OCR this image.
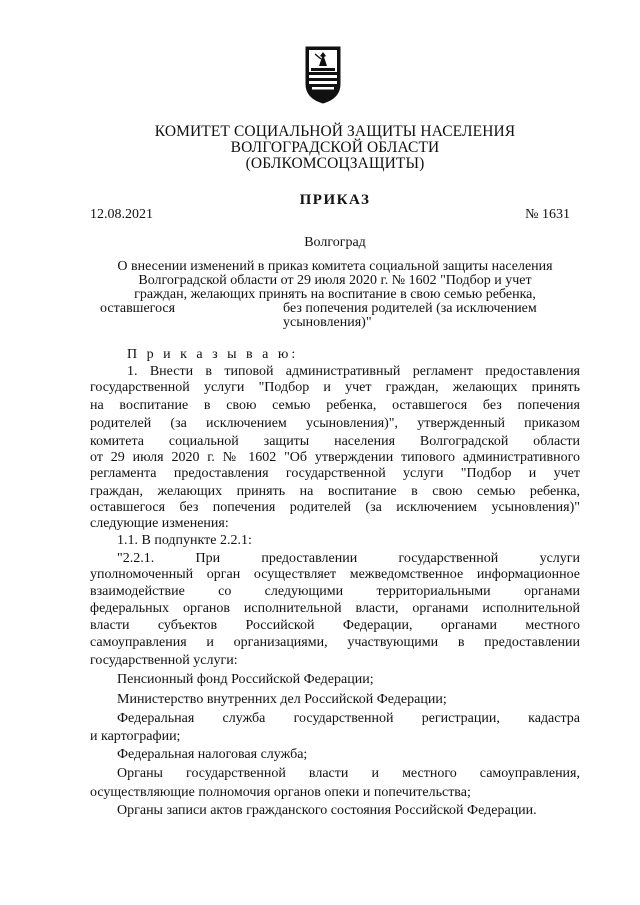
КОМИТЕТ СОЦИАЛЬНОЙ ЗАЩИТЫ НАСЕЛЕНИЯ
ВОЛГОГРАДСКОЙ ОБЛАСТИ
(ОБЛКОМСОЦЗАЩИТЫ)
ПРИКАЗ
12.08.2021	№ 1631
Волгоград
О внесении изменений в приказ комитета социальной защиты населения
Волгоградской области от 29 июля 2020 г. № 1602 "Подбор и учет
граждан, желающих принять на воспитание в свою семью ребенка,
оставшегося	без попечения родителей (за исключением
усыновления)"
П р и к а з ы в а ю:
1. Внести в типовой административный регламент предоставления
государственной услуги "Подбор и учет граждан, желающих принять
на воспитание в свою семью ребенка, оставшегося без попечения
родителей (за исключением усыновления)", утвержденный приказом
комитета социальной защиты населения Волгоградской области
от 29 июля 2020 г. № 1602 "Об утверждении типового административного
регламента предоставления государственной услуги "Подбор и учет
граждан, желающих принять на воспитание в свою семью ребенка,
оставшегося без попечения родителей (за исключением усыновления)"
следующие изменения:
1.1. В подпункте 2.2.1:
"2.2.1. При предоставлении государственной услуги
уполномоченный орган осуществляет межведомственное информационное
взаимодействие со следующими территориальными органами
федеральных органов исполнительной власти, органами исполнительной
власти субъектов Российской Федерации, органами местного
самоуправления и организациями, участвующими в предоставлении
государственной услуги:
Пенсионный фонд Российской Федерации;
Министерство внутренних дел Российской Федерации;
Федеральная служба государственной регистрации, кадастра
и картографии;
Федеральная налоговая служба;
Органы государственной власти и местного самоуправления,
осуществляющие полномочия органов опеки и попечительства;
Органы записи актов гражданского состояния Российской Федерации.
